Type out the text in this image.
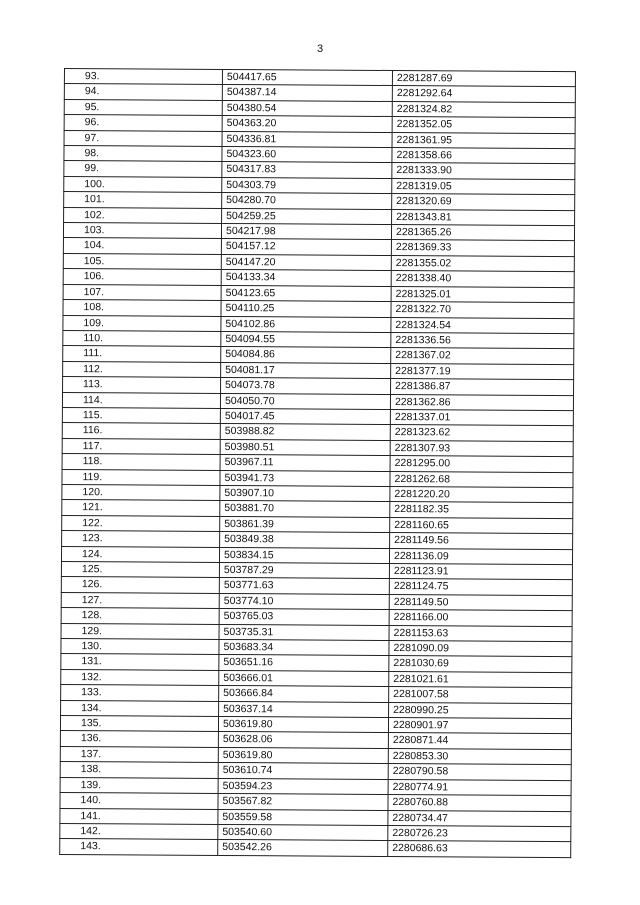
3
93.	504417.65	2281287.69
94.	504387.14	2281292.64
95.	504380.54	2281324.82
96.	504363.20	2281352.05
97.	504336.81	2281361.95
98.	504323.60	2281358.66
99.	504317.83	2281333.90
100.	504303.79	2281319.05
101.	504280.70	2281320.69
102.	504259.25	2281343.81
103.	504217.98	2281365.26
104.	504157.12	2281369.33
105.	504147.20	2281355.02
106.	504133.34	2281338.40
107.	504123.65	2281325.01
108.	504110.25	2281322.70
109.	504102.86	2281324.54
110.	504094.55	2281336.56
111.	504084.86	2281367.02
112.	504081.17	2281377.19
113.	504073.78	2281386.87
114.	504050.70	2281362.86
115.	504017.45	2281337.01
116.	503988.82	2281323.62
117.	503980.51	2281307.93
118.	503967.11	2281295.00
119.	503941.73	2281262.68
120.	503907.10	2281220.20
121.	503881.70	2281182.35
122.	503861.39	2281160.65
123.	503849.38	2281149.56
124.	503834.15	2281136.09
125.	503787.29	2281123.91
126.	503771.63	2281124.75
127.	503774.10	2281149.50
128.	503765.03	2281166.00
129.	503735.31	2281153.63
130.	503683.34	2281090.09
131.	503651.16	2281030.69
132.	503666.01	2281021.61
133.	503666.84	2281007.58
134.	503637.14	2280990.25
135.	503619.80	2280901.97
136.	503628.06	2280871.44
137.	503619.80	2280853.30
138.	503610.74	2280790.58
139.	503594.23	2280774.91
140.	503567.82	2280760.88
141.	503559.58	2280734.47
142.	503540.60	2280726.23
143.	503542.26	2280686.63
